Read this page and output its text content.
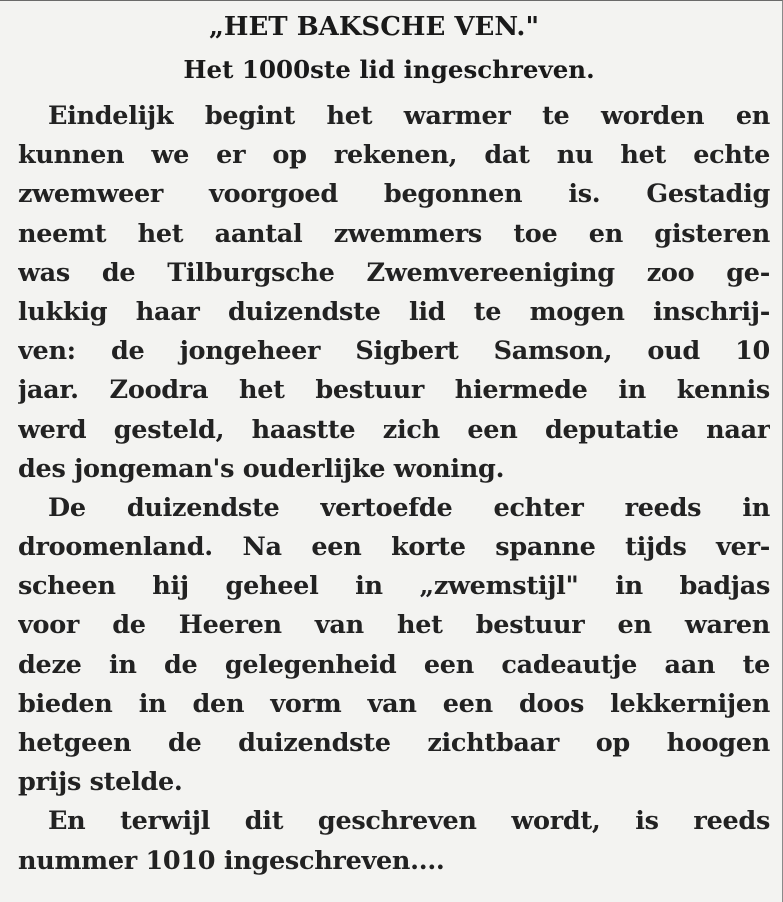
„HET BAKSCHE VEN."
Het 1000ste lid ingeschreven.

Eindelijk begint het warmer te worden en
kunnen we er op rekenen, dat nu het echte
zwemweer voorgoed begonnen is. Gestadig
neemt het aantal zwemmers toe en gisteren
was de Tilburgsche Zwemvereeniging zoo ge-
lukkig haar duizendste lid te mogen inschrij-
ven: de jongeheer Sigbert Samson, oud 10
jaar. Zoodra het bestuur hiermede in kennis
werd gesteld, haastte zich een deputatie naar
des jongeman's ouderlijke woning.

De duizendste vertoefde echter reeds in
droomenland. Na een korte spanne tijds ver-
scheen hij geheel in „zwemstijl" in badjas
voor de Heeren van het bestuur en waren
deze in de gelegenheid een cadeautje aan te
bieden in den vorm van een doos lekkernijen
hetgeen de duizendste zichtbaar op hoogen
prijs stelde.

En terwijl dit geschreven wordt, is reeds
nummer 1010 ingeschreven....
